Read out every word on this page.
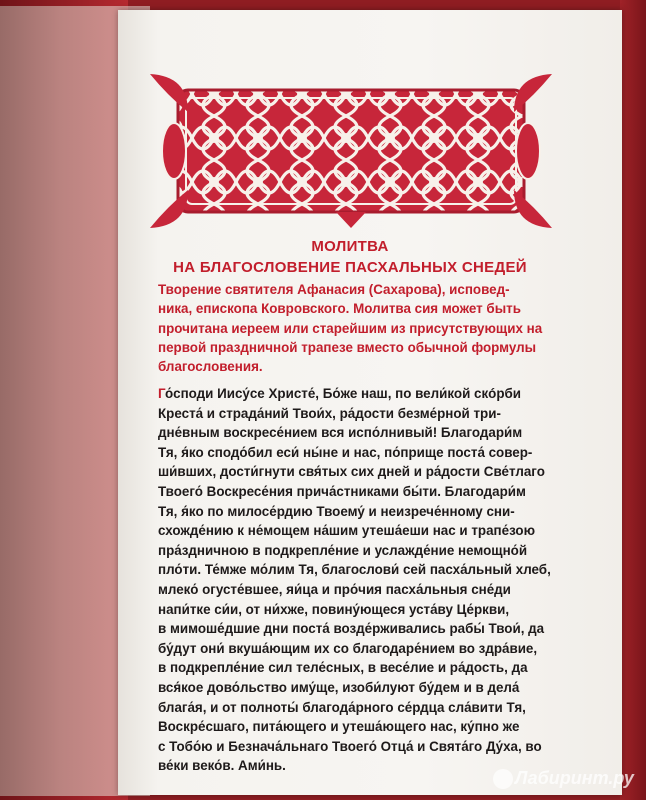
МОЛИТВА
НА БЛАГОСЛОВЕНИЕ ПАСХАЛЬНЫХ СНЕДЕЙ
Творение святителя Афанасия (Сахарова), исповед-
ника, епископа Ковровского. Молитва сия может быть
прочитана иереем или старейшим из присутствующих на
первой праздничной трапезе вместо обычной формулы
благословения.
Го́споди Иису́се Христе́, Бо́же наш, по вели́кой скóрби
Креста́ и страда́ний Твои́х, ра́дости безме́рной три-
дне́вным воскресе́нием вся испо́лнивый! Благодари́м
Тя, я́ко сподо́бил еси́ ны́не и нас, по́прище поста́ совер-
ши́вших, дости́гнути свя́тых сих дней и ра́дости Све́тлаго
Твоего́ Воскресе́ния прича́стниками бы́ти. Благодари́м
Тя, я́ко по милосе́рдию Твоему́ и неизрече́нному сни-
схожде́нию к не́мощем на́шим утеша́еши нас и трапе́зою
пра́здничною в подкрепле́ние и услажде́ние немощно́й
пло́ти. Те́мже мо́лим Тя, благослови́ сей пасха́льный хлеб,
млеко́ огусте́вшее, яи́ца и про́чия пасха́льныя сне́ди
напи́тке си́и, от ни́хже, повину́ющеся уста́ву Це́ркви,
в мимоше́дшие дни поста́ возде́рживались рабы́ Твои́, да
бу́дут они́ вкуша́ющим их со благодаре́нием во здра́вие,
в подкрепле́ние сил теле́сных, в весе́лие и ра́дость, да
вся́кое дово́льство иму́ще, изоби́луют бу́дем и в дела́
блага́я, и от полноты́ благода́рного се́рдца сла́вити Тя,
Воскре́сшаго, пита́ющего и утеша́ющего нас, ку́пно же
с Тобо́ю и Безнача́льнаго Твоего́ Отца́ и Свята́го Ду́ха, во
ве́ки веко́в. Ами́нь.
Лабиринт.ру
